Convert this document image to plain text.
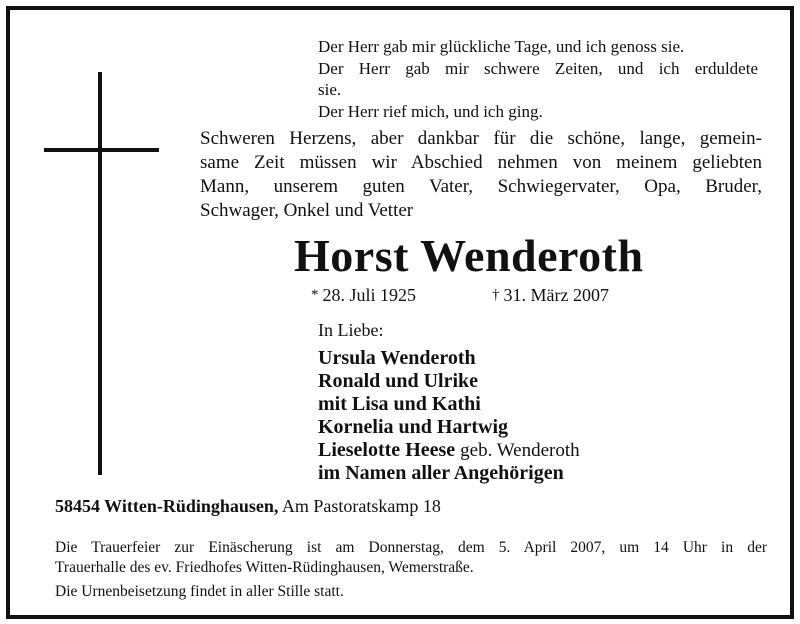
Der Herr gab mir glückliche Tage, und ich genoss sie.
Der Herr gab mir schwere Zeiten, und ich erduldete
sie.
Der Herr rief mich, und ich ging.

Schweren Herzens, aber dankbar für die schöne, lange, gemein-
same Zeit müssen wir Abschied nehmen von meinem geliebten
Mann, unserem guten Vater, Schwiegervater, Opa, Bruder,
Schwager, Onkel und Vetter

Horst Wenderoth
* 28. Juli 1925	† 31. März 2007
In Liebe:
Ursula Wenderoth
Ronald und Ulrike
mit Lisa und Kathi
Kornelia und Hartwig
Lieselotte Heese geb. Wenderoth
im Namen aller Angehörigen
58454 Witten-Rüdinghausen, Am Pastoratskamp 18

Die Trauerfeier zur Einäscherung ist am Donnerstag, dem 5. April 2007, um 14 Uhr in der
Trauerhalle des ev. Friedhofes Witten-Rüdinghausen, Wemerstraße.

Die Urnenbeisetzung findet in aller Stille statt.
